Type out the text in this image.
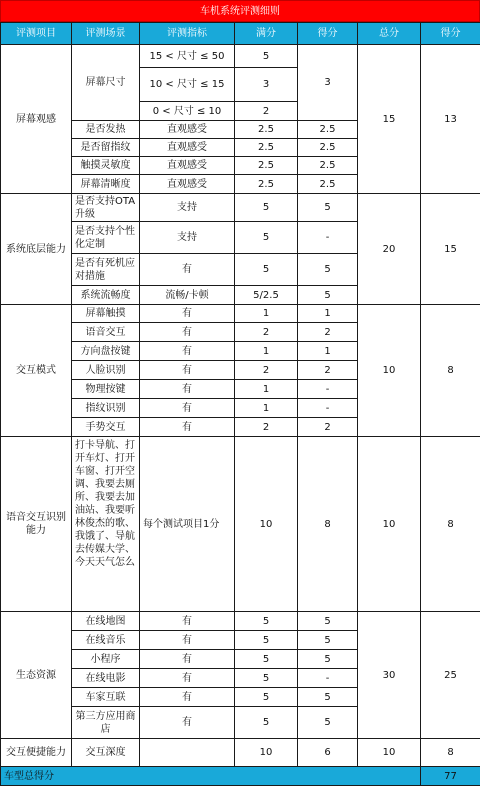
车机系统评测细则
评测项目	评测场景	评测指标	满分	得分	总分	得分
屏幕观感	屏幕尺寸	15 < 尺寸 ≤ 50	5	3	15	13
		10 < 尺寸 ≤ 15	3			
		0 < 尺寸 ≤ 10	2			
	是否发热	直观感受	2.5	2.5		
	是否留指纹	直观感受	2.5	2.5		
	触摸灵敏度	直观感受	2.5	2.5		
	屏幕清晰度	直观感受	2.5	2.5		
系统底层能力	是否支持OTA升级	支持	5	5	20	15
	是否支持个性化定制	支持	5	-		
	是否有死机应对措施	有	5	5		
	系统流畅度	流畅/卡顿	5/2.5	5		
交互模式	屏幕触摸	有	1	1	10	8
	语音交互	有	2	2		
	方向盘按键	有	1	1		
	人脸识别	有	2	2		
	物理按键	有	1	-		
	指纹识别	有	1	-		
	手势交互	有	2	2		
语音交互识别能力	打卡导航、打开车灯、打开车窗、打开空调、我要去厕所、我要去加油站、我要听林俊杰的歌、我饿了、导航去传媒大学、今天天气怎么	每个测试项目1分	10	8	10	8
生态资源	在线地图	有	5	5	30	25
	在线音乐	有	5	5		
	小程序	有	5	5		
	在线电影	有	5	-		
	车家互联	有	5	5		
	第三方应用商店	有	5	5		
交互便捷能力	交互深度		10	6	10	8
车型总得分						77
